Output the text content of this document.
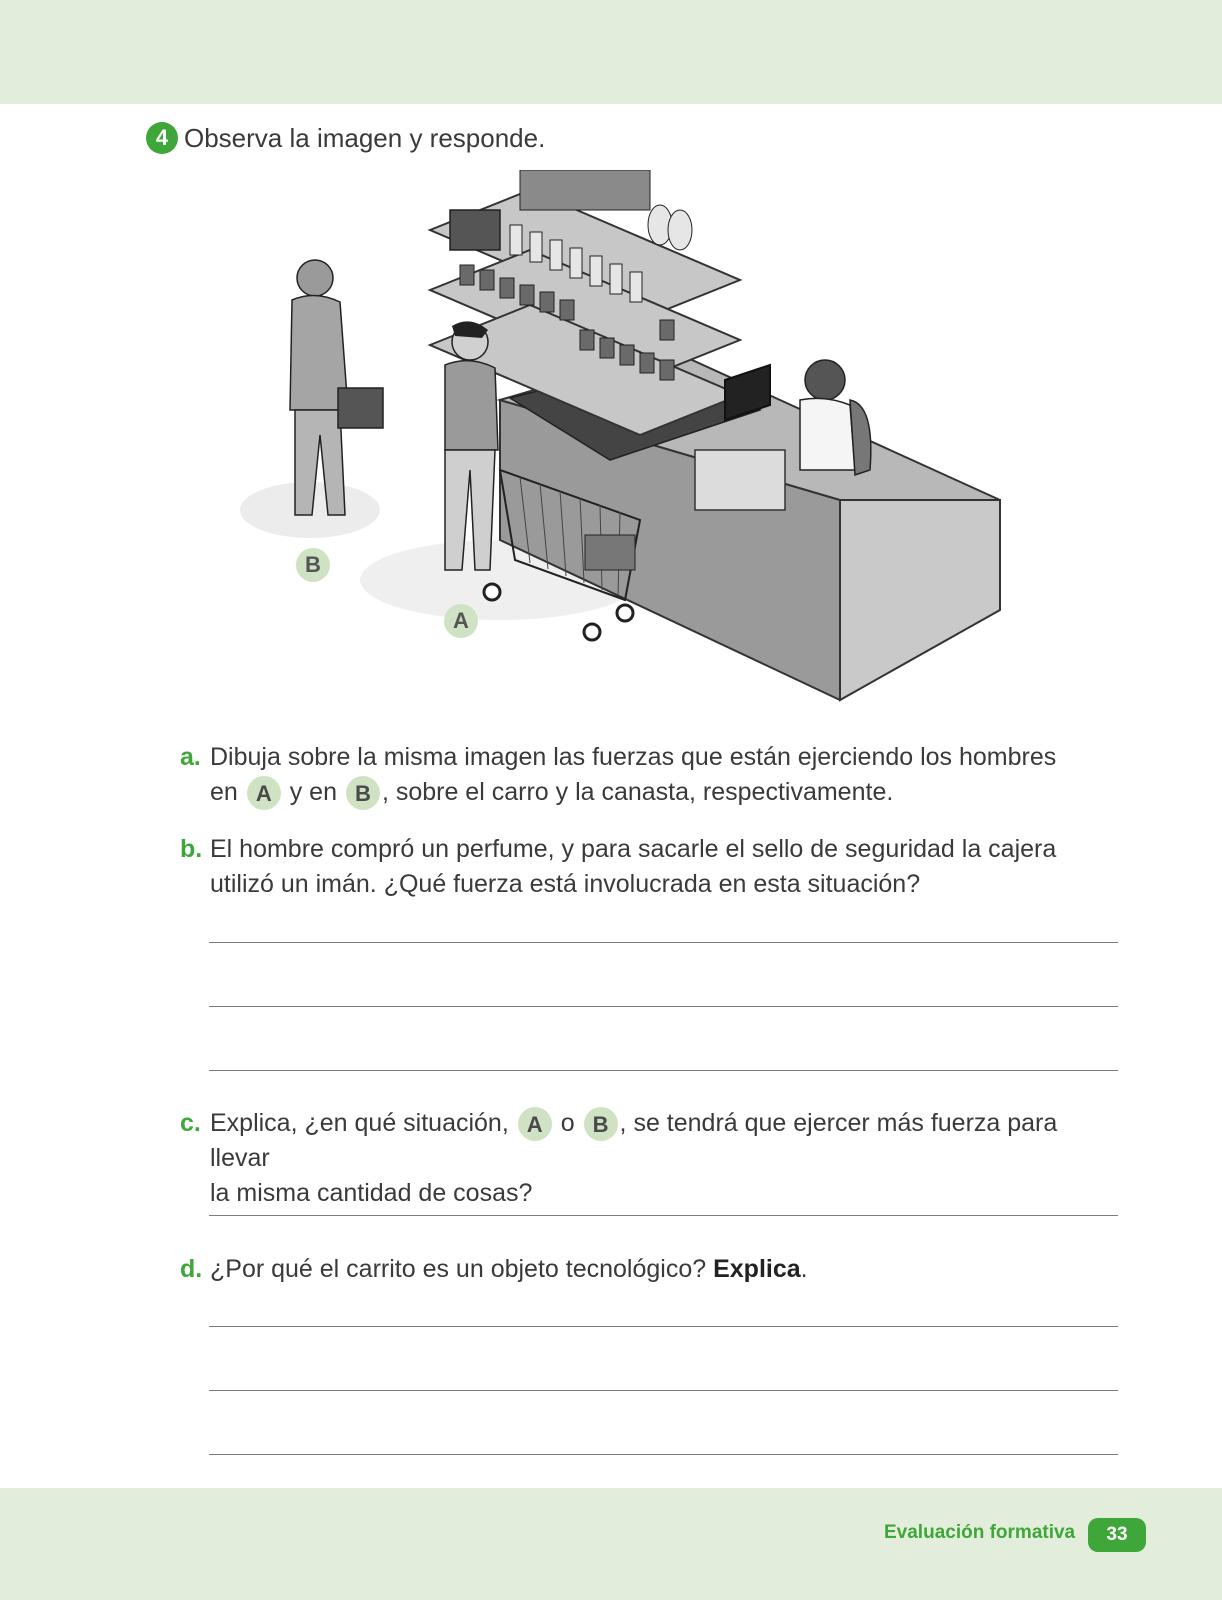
4 Observa la imagen y responde.
B
A
a. Dibuja sobre la misma imagen las fuerzas que están ejerciendo los hombres
en A y en B , sobre el carro y la canasta, respectivamente.
b. El hombre compró un perfume, y para sacarle el sello de seguridad la cajera
utilizó un imán. ¿Qué fuerza está involucrada en esta situación?
c. Explica, ¿en qué situación, A o B , se tendrá que ejercer más fuerza para llevar
la misma cantidad de cosas?
d. ¿Por qué el carrito es un objeto tecnológico? Explica.
Evaluación formativa	33
